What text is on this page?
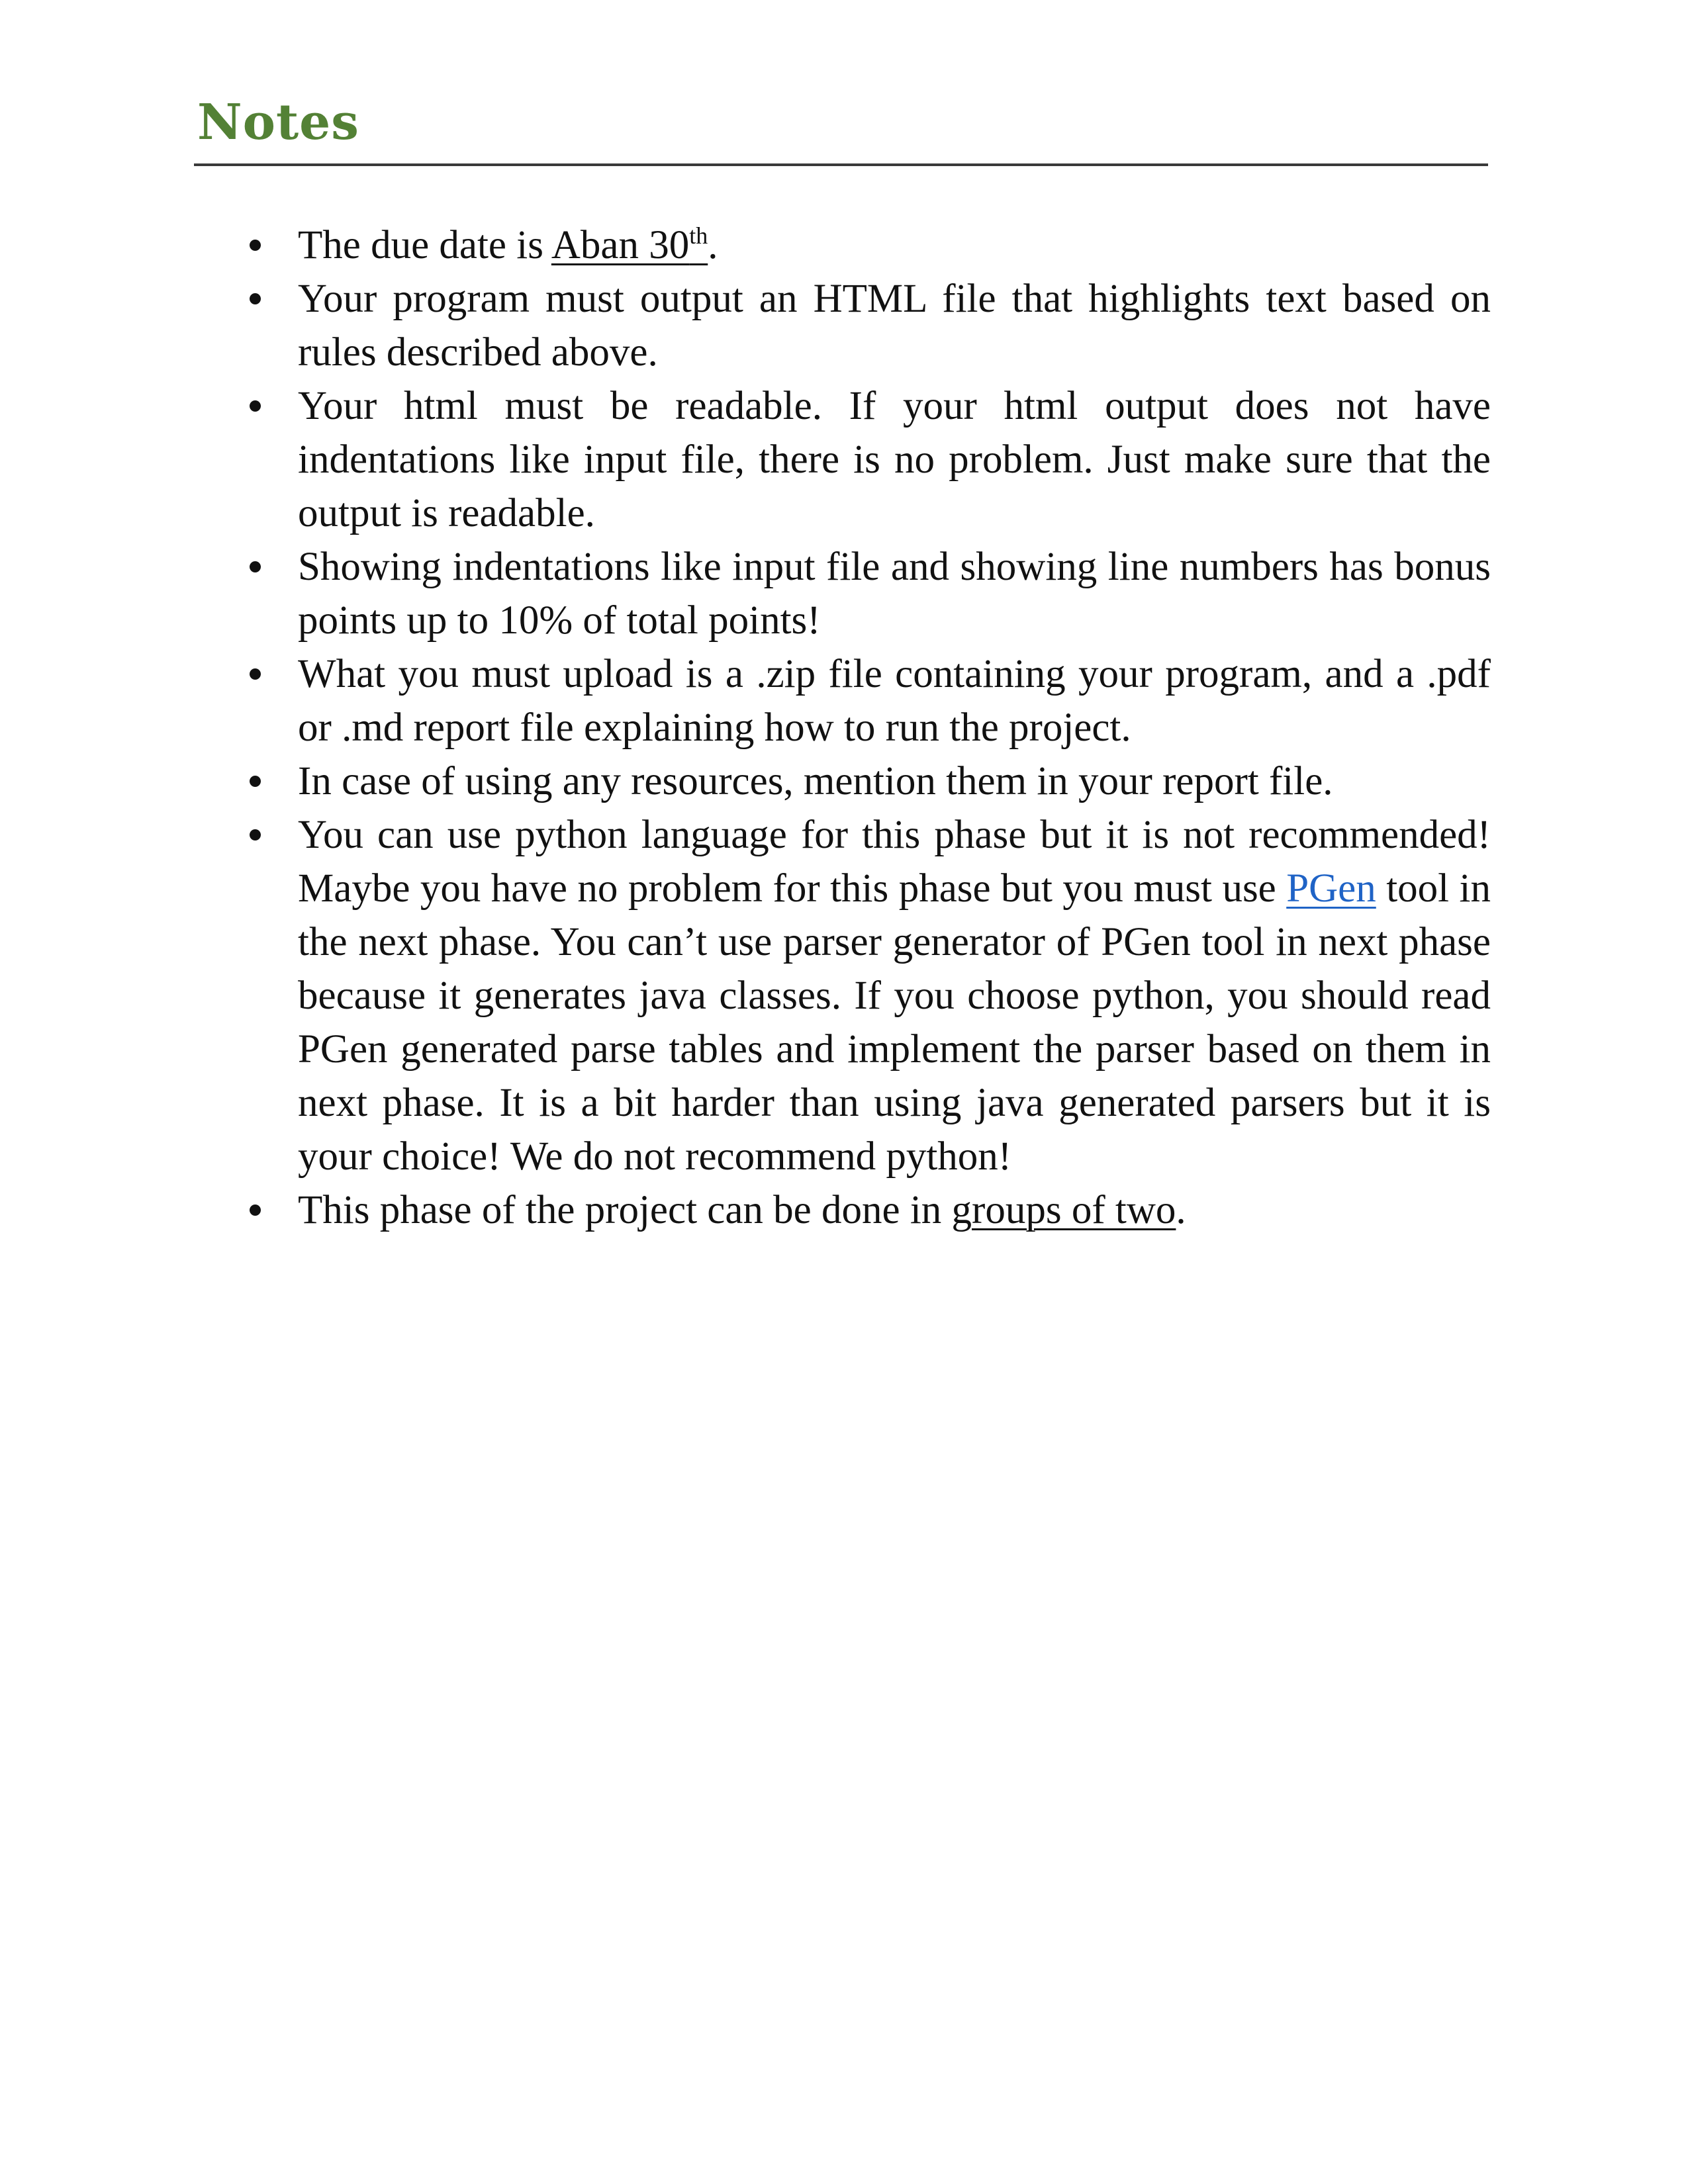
Notes
The due date is Aban 30th.
Your program must output an HTML file that highlights text based on rules described above.
Your html must be readable. If your html output does not have indentations like input file, there is no problem. Just make sure that the output is readable.
Showing indentations like input file and showing line numbers has bonus points up to 10% of total points!
What you must upload is a .zip file containing your program, and a .pdf or .md report file explaining how to run the project.
In case of using any resources, mention them in your report file.
You can use python language for this phase but it is not recommended! Maybe you have no problem for this phase but you must use PGen tool in the next phase. You can’t use parser generator of PGen tool in next phase because it generates java classes. If you choose python, you should read PGen generated parse tables and implement the parser based on them in next phase. It is a bit harder than using java generated parsers but it is your choice! We do not recommend python!
This phase of the project can be done in groups of two.
